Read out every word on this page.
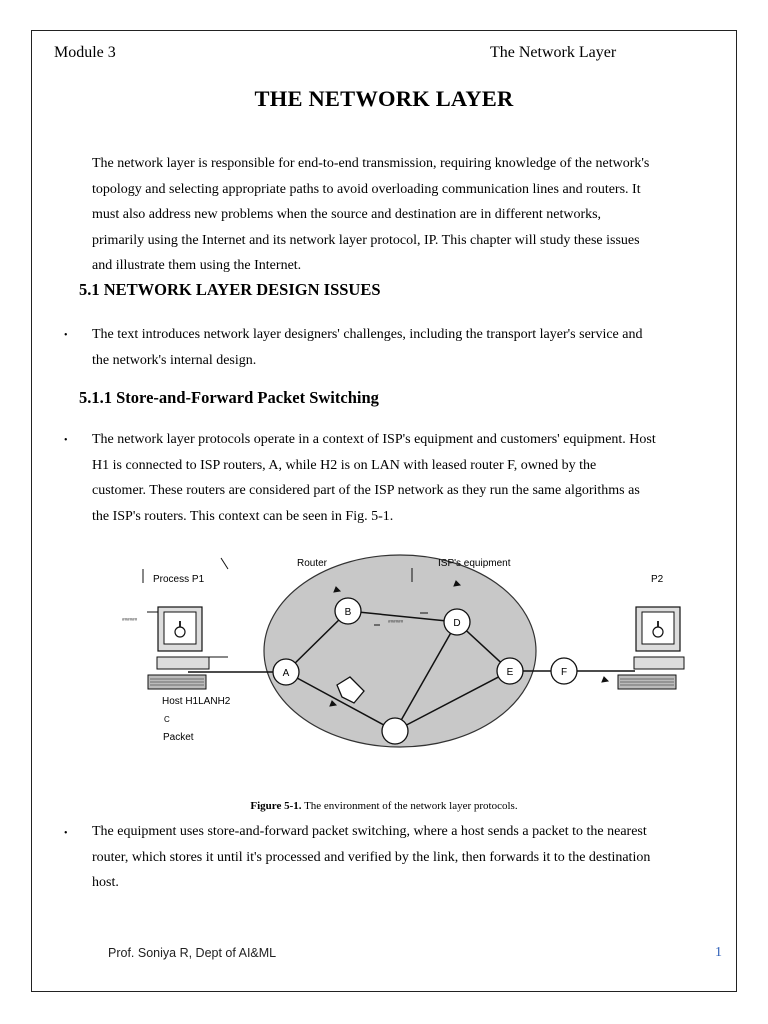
Module 3	The Network Layer
THE NETWORK LAYER
The network layer is responsible for end-to-end transmission, requiring knowledge of the network's
topology and selecting appropriate paths to avoid overloading communication lines and routers. It
must also address new problems when the source and destination are in different networks,
primarily using the Internet and its network layer protocol, IP. This chapter will study these issues
and illustrate them using the Internet.
5.1 NETWORK LAYER DESIGN ISSUES
• The text introduces network layer designers' challenges, including the transport layer's service and
the network's internal design.
5.1.1 Store-and-Forward Packet Switching
• The network layer protocols operate in a context of ISP's equipment and customers' equipment. Host
H1 is connected to ISP routers, A, while H2 is on LAN with leased router F, owned by the
customer. These routers are considered part of the ISP network as they run the same algorithms as
the ISP's routers. This context can be seen in Fig. 5-1.
######	######
A
B
D
E	F
Router	ISP's equipment
Process P1	P2
Host H1LANH2
C
Packet
Figure 5-1. The environment of the network layer protocols.
• The equipment uses store-and-forward packet switching, where a host sends a packet to the nearest
router, which stores it until it's processed and verified by the link, then forwards it to the destination
host.
Prof. Soniya R, Dept of AI&ML	1
